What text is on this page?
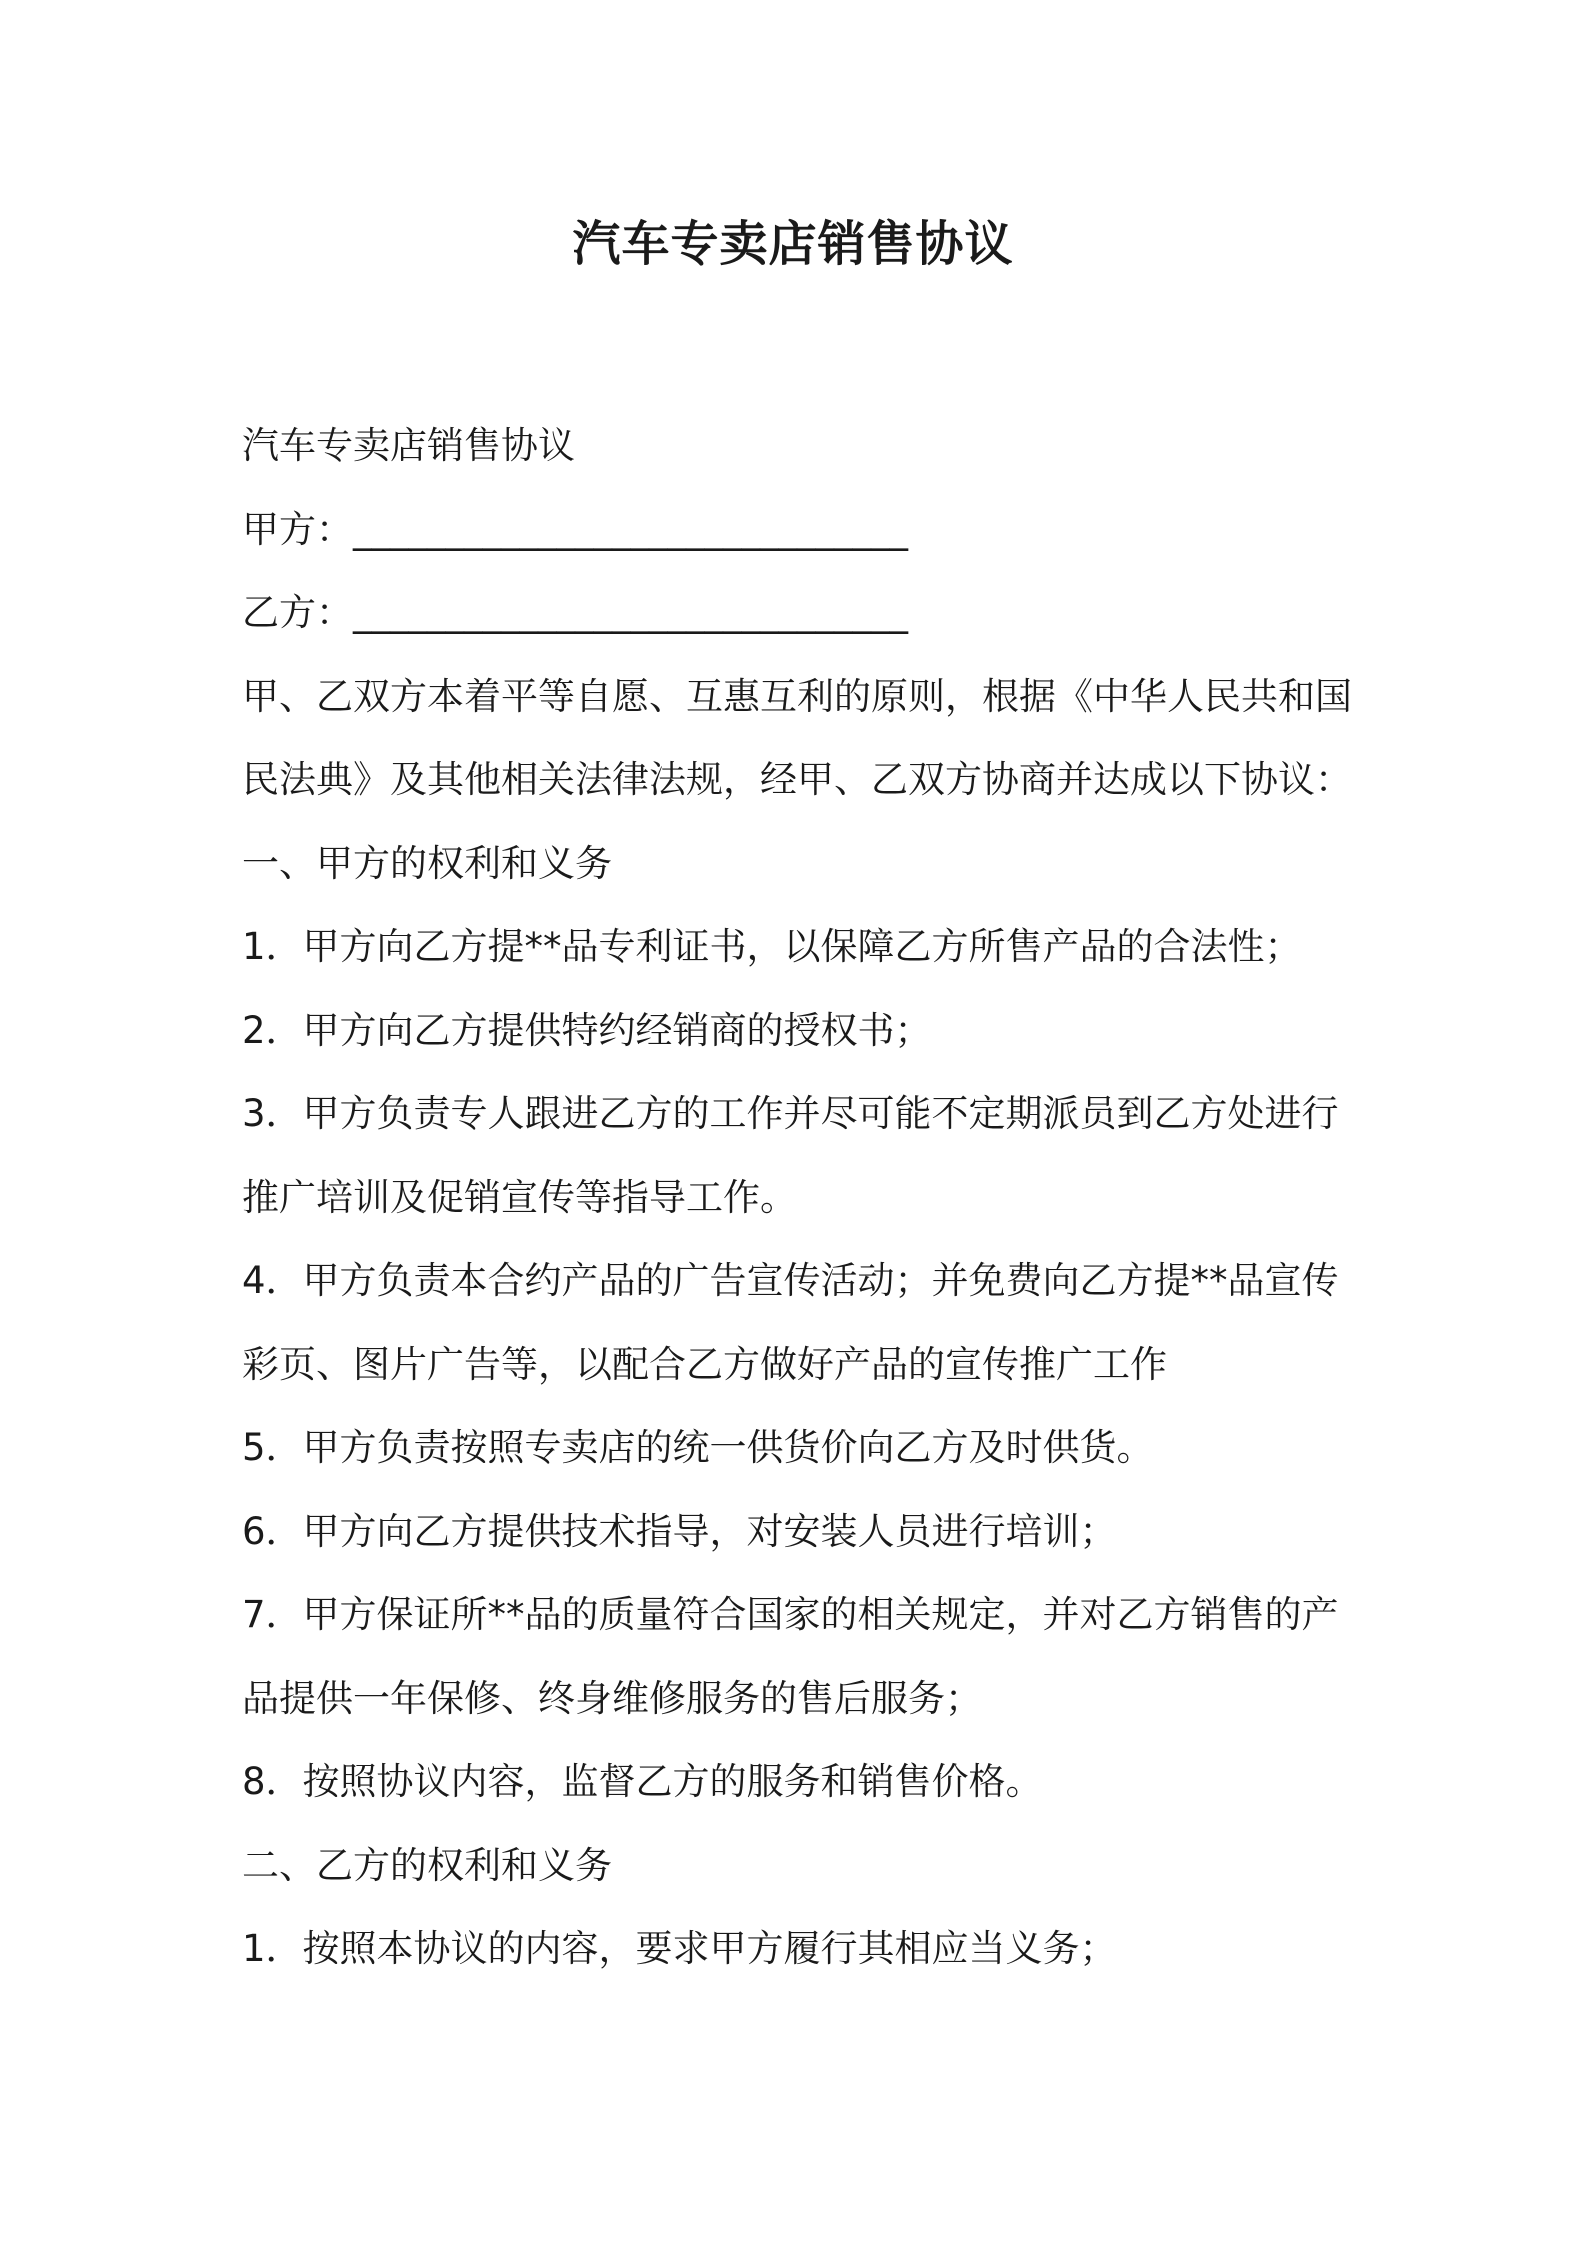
汽车专卖店销售协议
汽车专卖店销售协议
甲方：______________________________
乙方：______________________________
甲、乙双方本着平等自愿、互惠互利的原则，根据《中华人民共和国
民法典》及其他相关法律法规，经甲、乙双方协商并达成以下协议：
一、甲方的权利和义务
1．甲方向乙方提**品专利证书，以保障乙方所售产品的合法性；
2．甲方向乙方提供特约经销商的授权书；
3．甲方负责专人跟进乙方的工作并尽可能不定期派员到乙方处进行
推广培训及促销宣传等指导工作。
4．甲方负责本合约产品的广告宣传活动；并免费向乙方提**品宣传
彩页、图片广告等，以配合乙方做好产品的宣传推广工作
5．甲方负责按照专卖店的统一供货价向乙方及时供货。
6．甲方向乙方提供技术指导，对安装人员进行培训；
7．甲方保证所**品的质量符合国家的相关规定，并对乙方销售的产
品提供一年保修、终身维修服务的售后服务；
8．按照协议内容，监督乙方的服务和销售价格。
二、乙方的权利和义务
1．按照本协议的内容，要求甲方履行其相应当义务；
